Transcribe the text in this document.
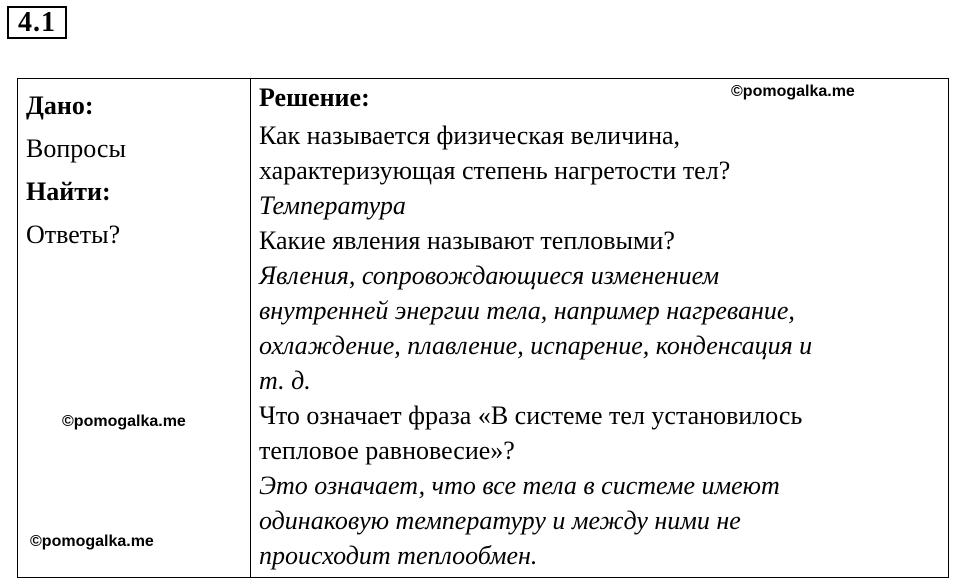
4.1
Дано:
Вопросы
Найти:
Ответы?
Решение:
Как называется физическая величина,
характеризующая степень нагретости тел?
Температура
Какие явления называют тепловыми?
Явления, сопровождающиеся изменением
внутренней энергии тела, например нагревание,
охлаждение, плавление, испарение, конденсация и
т. д.
Что означает фраза «В системе тел установилось
тепловое равновесие»?
Это означает, что все тела в системе имеют
одинаковую температуру и между ними не
происходит теплообмен.
©pomogalka.me
©pomogalka.me
©pomogalka.me
